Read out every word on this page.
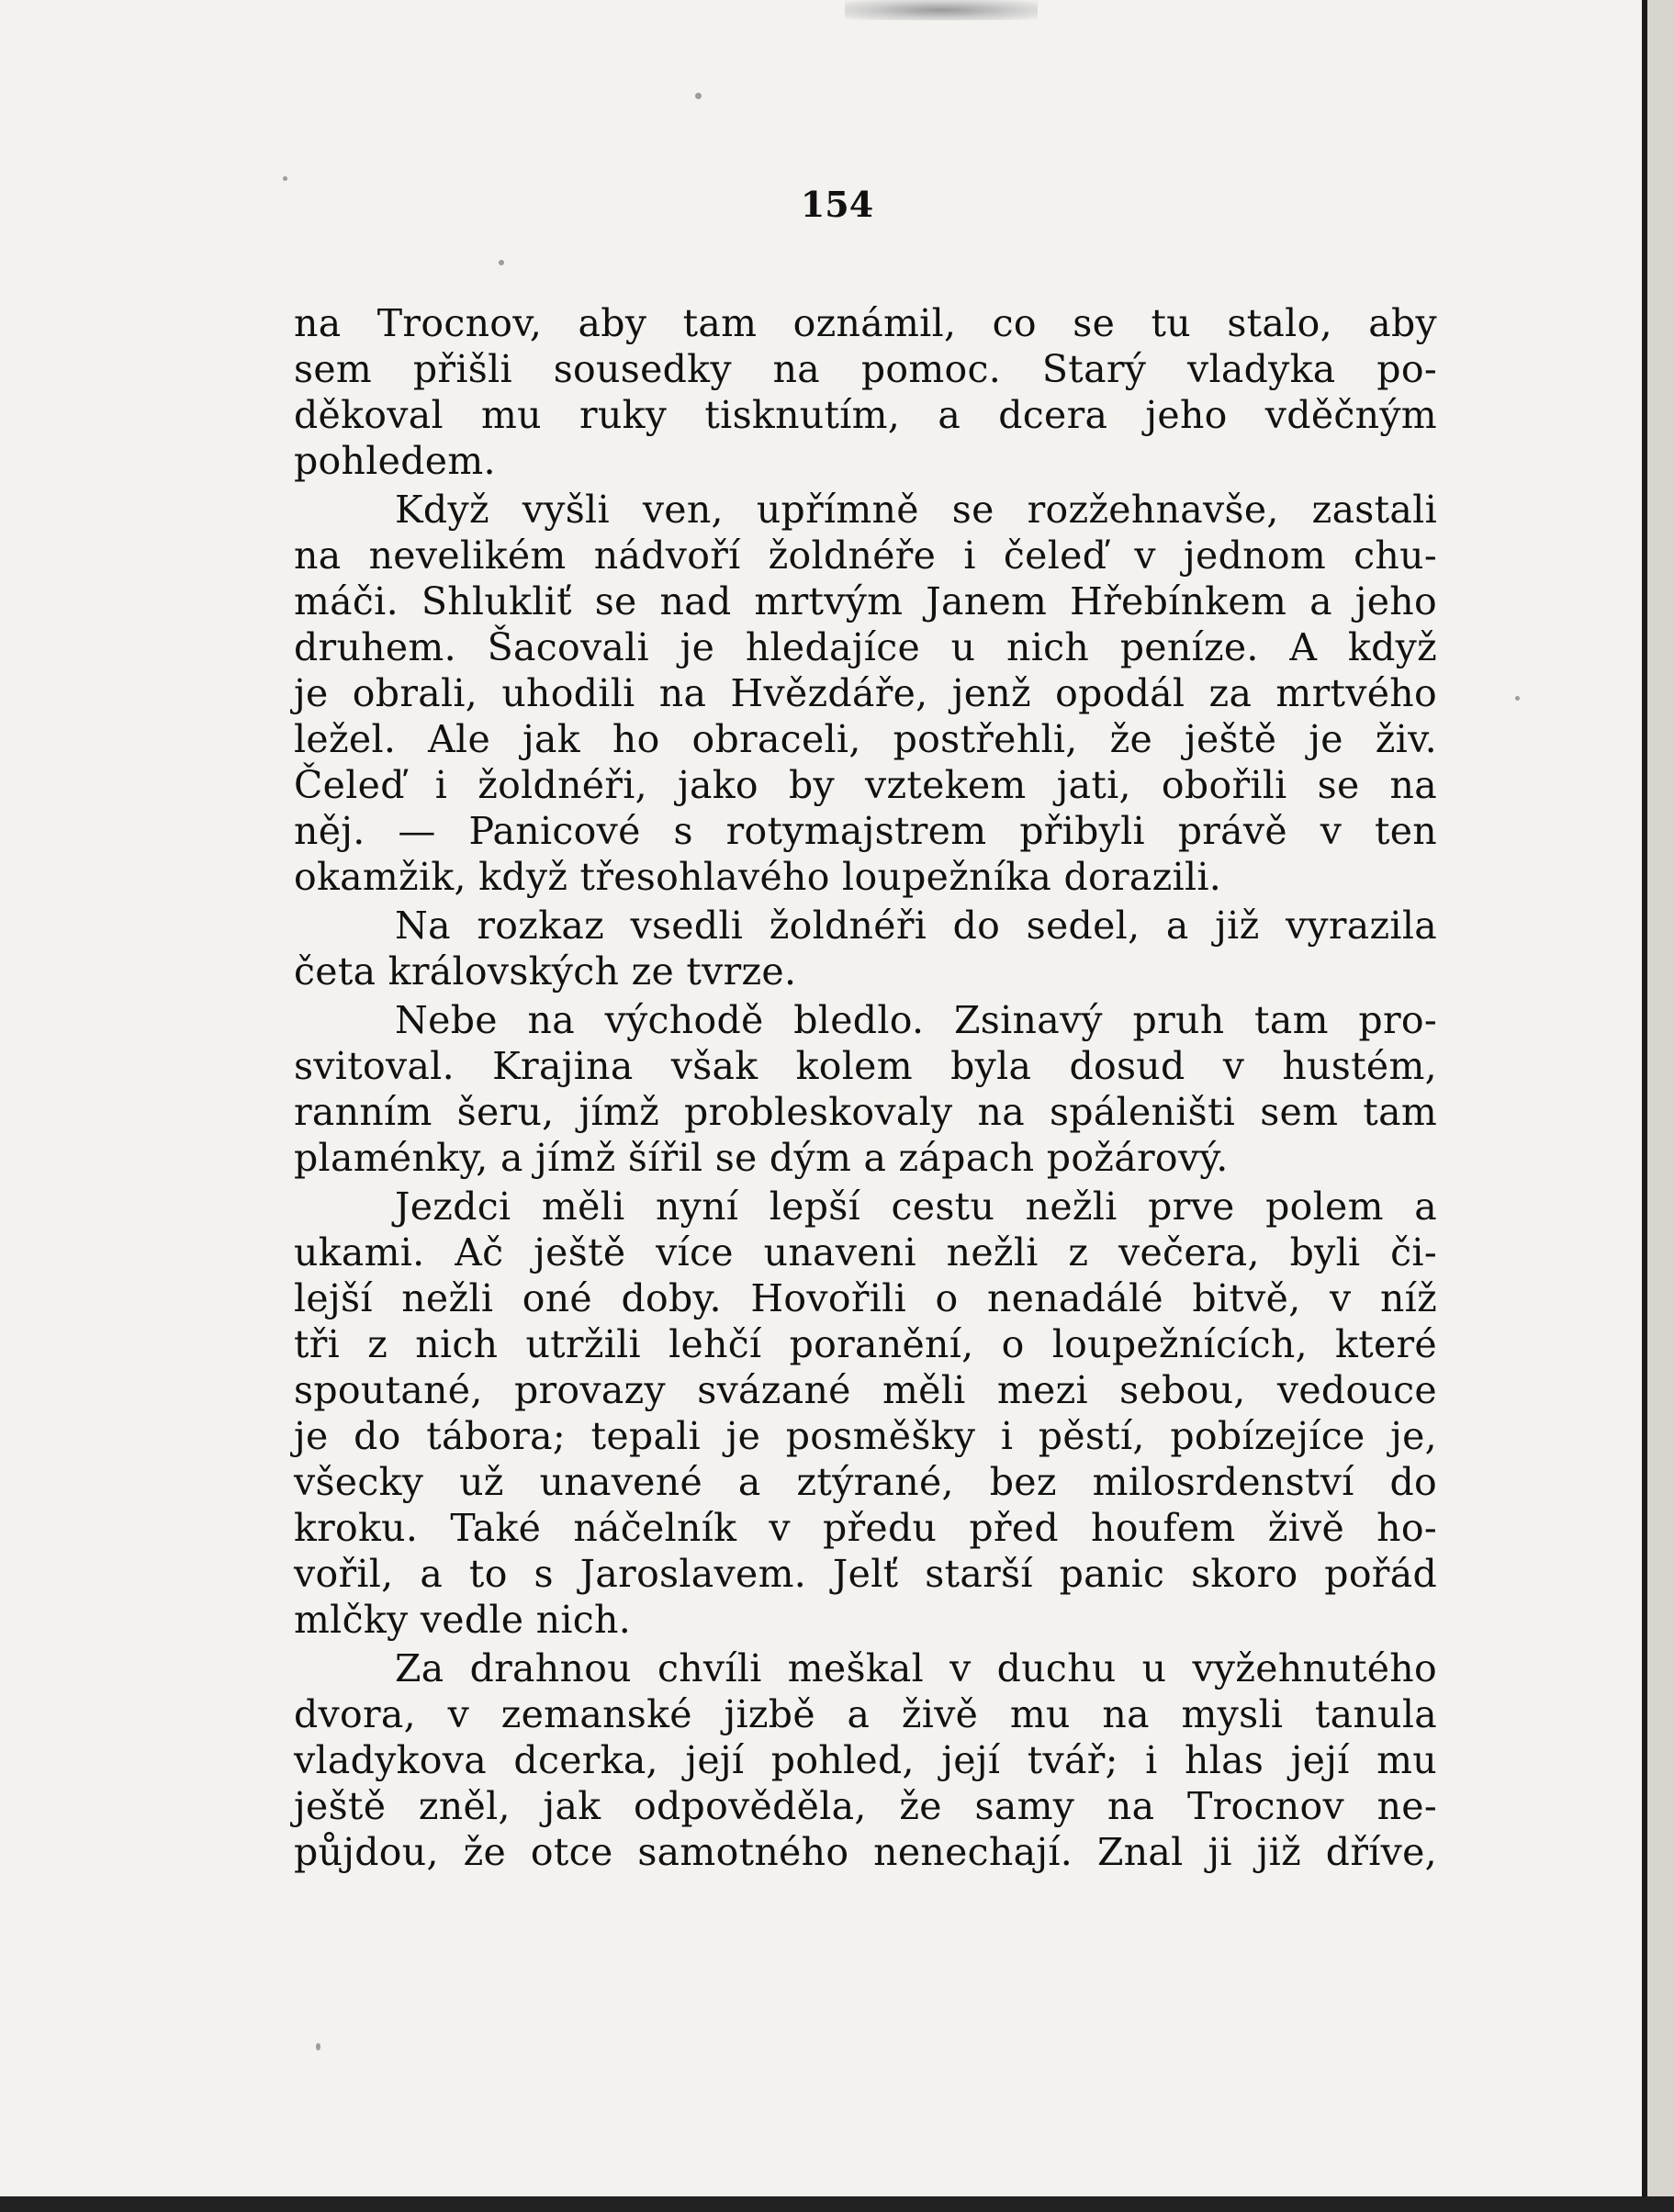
154
na Trocnov, aby tam oznámil, co se tu stalo, aby
sem přišli sousedky na pomoc. Starý vladyka po-
děkoval mu ruky tisknutím, a dcera jeho vděčným
pohledem.
Když vyšli ven, upřímně se rozžehnavše, zastali
na nevelikém nádvoří žoldnéře i čeleď v jednom chu-
máči. Shlukliť se nad mrtvým Janem Hřebínkem a jeho
druhem. Šacovali je hledajíce u nich peníze. A když
je obrali, uhodili na Hvězdáře, jenž opodál za mrtvého
ležel. Ale jak ho obraceli, postřehli, že ještě je živ.
Čeleď i žoldnéři, jako by vztekem jati, obořili se na
něj. — Panicové s rotymajstrem přibyli právě v ten
okamžik, když třesohlavého loupežníka dorazili.
Na rozkaz vsedli žoldnéři do sedel, a již vyrazila
četa královských ze tvrze.
Nebe na východě bledlo. Zsinavý pruh tam pro-
svitoval. Krajina však kolem byla dosud v hustém,
ranním šeru, jímž probleskovaly na spáleništi sem tam
plaménky, a jímž šířil se dým a zápach požárový.
Jezdci měli nyní lepší cestu nežli prve polem a
ukami. Ač ještě více unaveni nežli z večera, byli či-
lejší nežli oné doby. Hovořili o nenadálé bitvě, v níž
tři z nich utržili lehčí poranění, o loupežnících, které
spoutané, provazy svázané měli mezi sebou, vedouce
je do tábora; tepali je posměšky i pěstí, pobízejíce je,
všecky už unavené a ztýrané, bez milosrdenství do
kroku. Také náčelník v předu před houfem živě ho-
vořil, a to s Jaroslavem. Jelť starší panic skoro pořád
mlčky vedle nich.
Za drahnou chvíli meškal v duchu u vyžehnutého
dvora, v zemanské jizbě a živě mu na mysli tanula
vladykova dcerka, její pohled, její tvář; i hlas její mu
ještě zněl, jak odpověděla, že samy na Trocnov ne-
půjdou, že otce samotného nenechají. Znal ji již dříve,
